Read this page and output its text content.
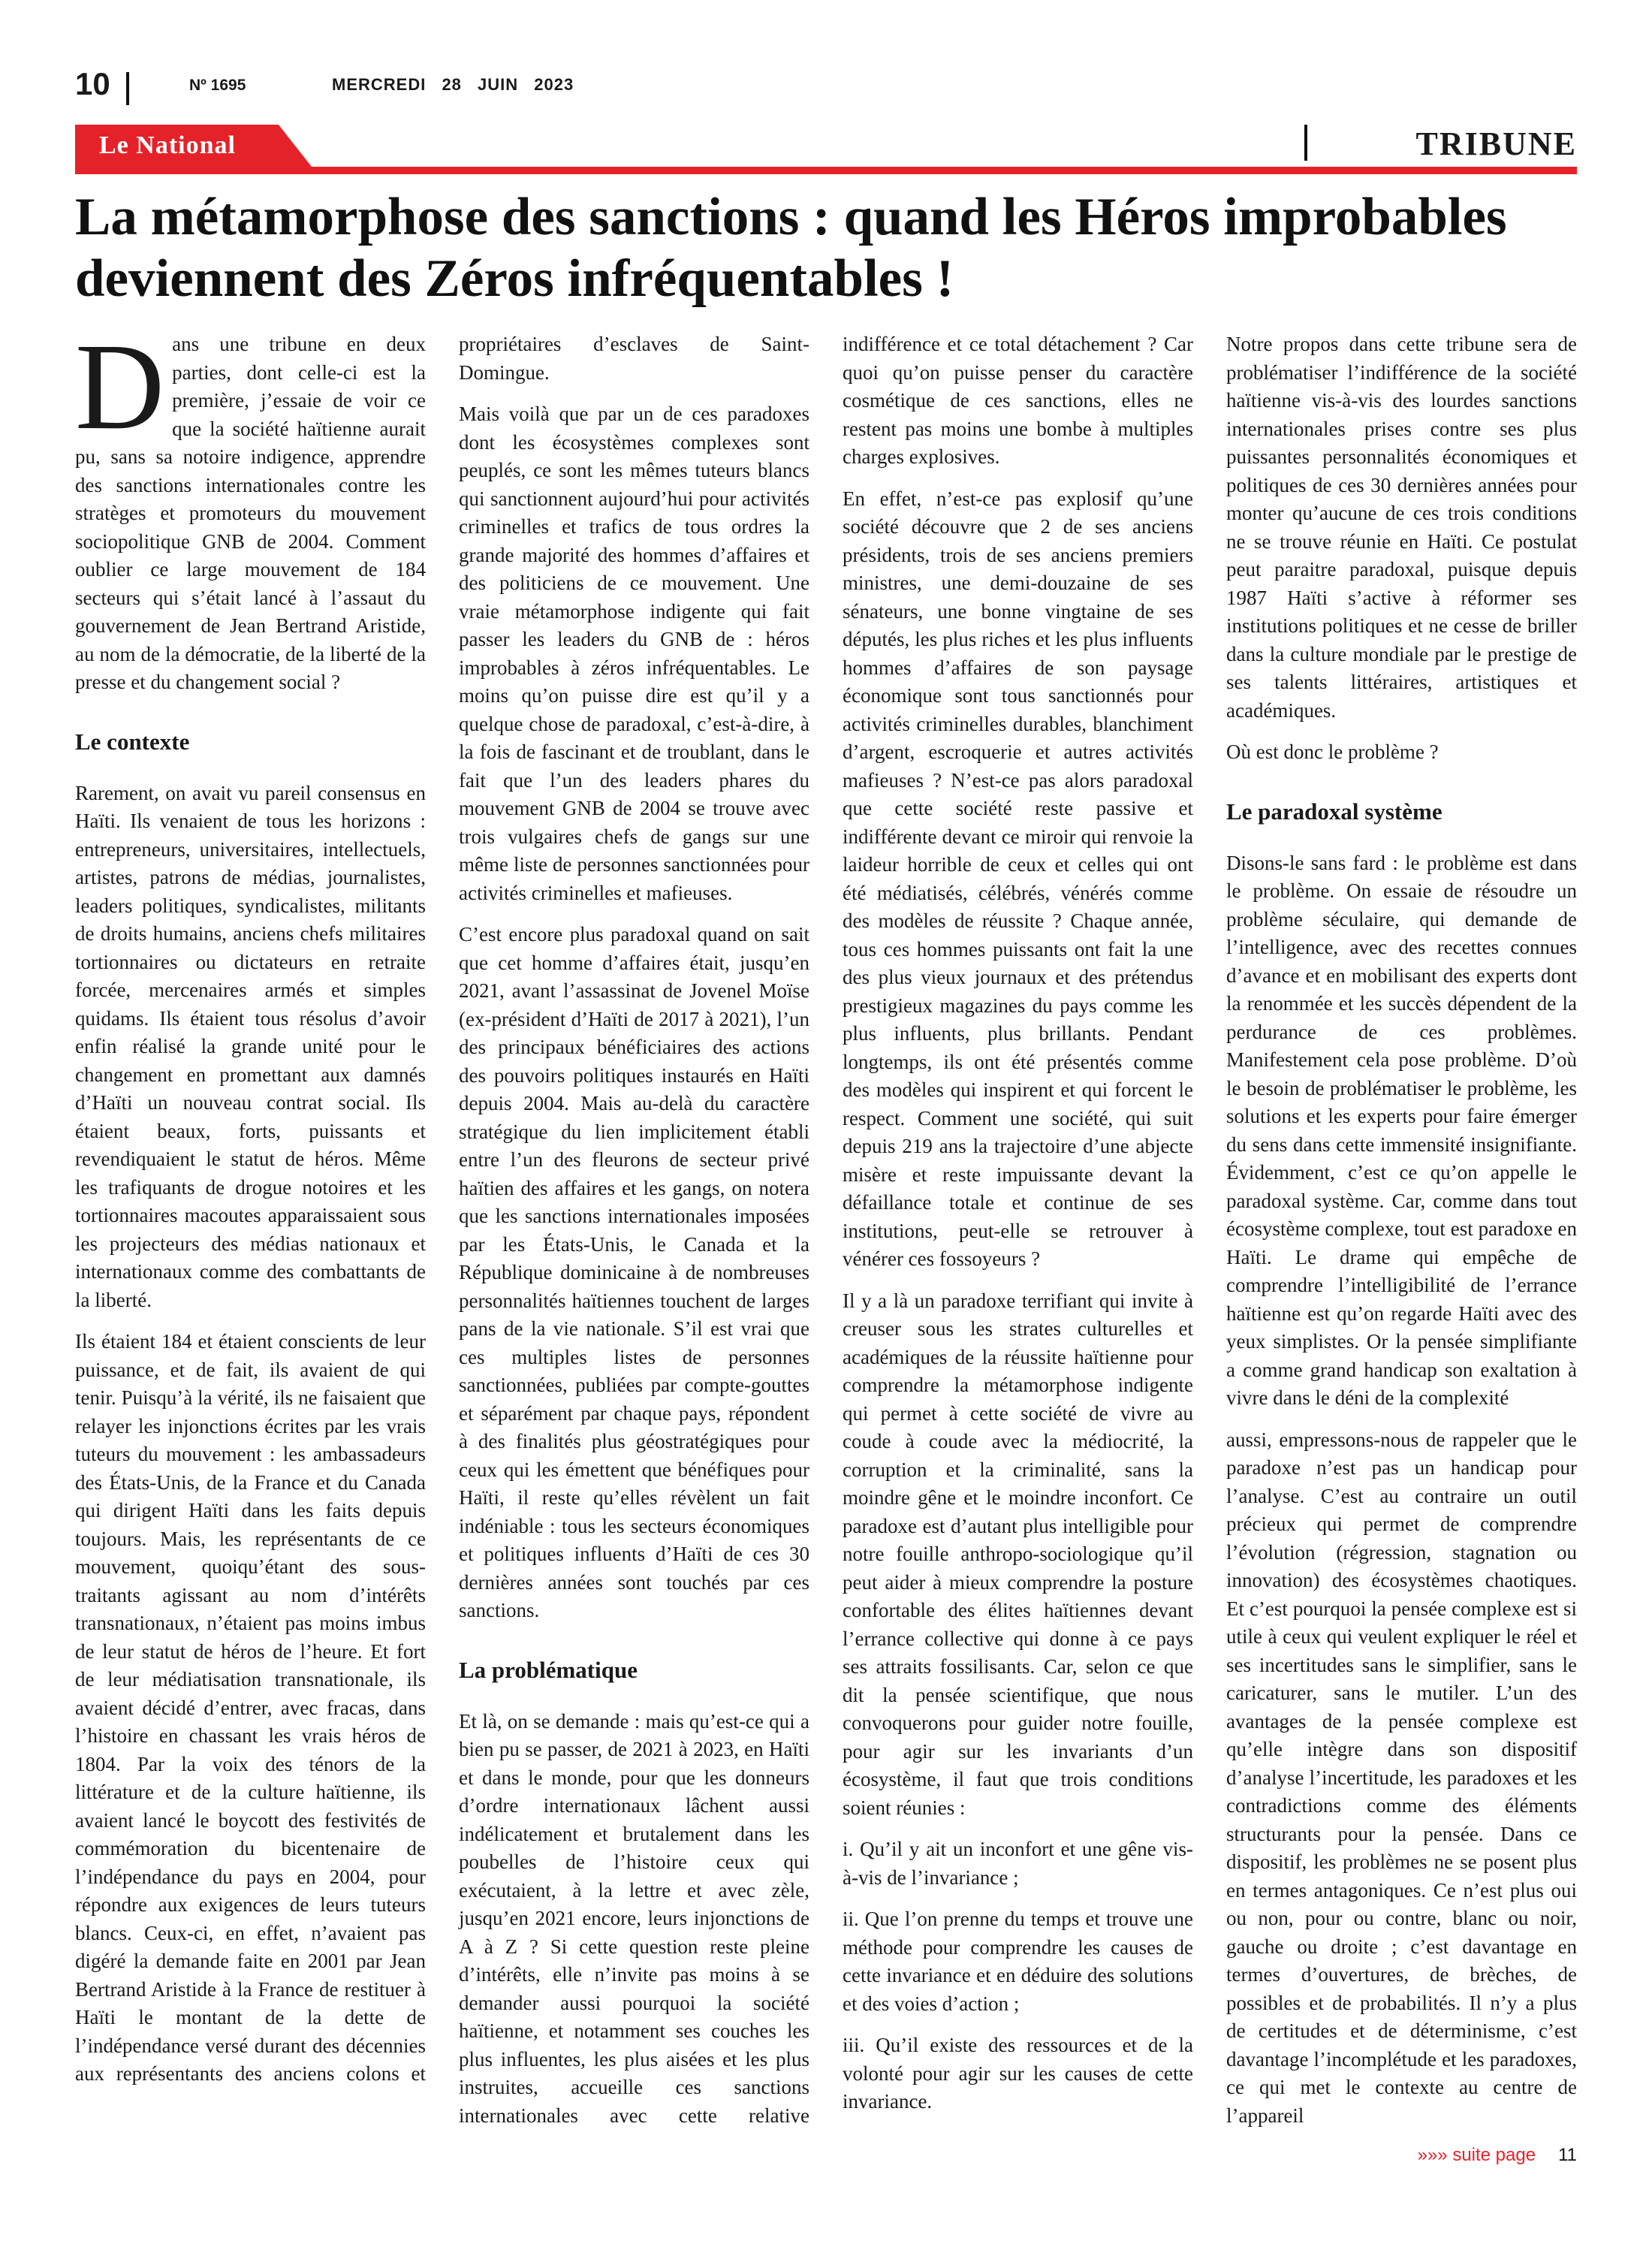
10	Nº 1695	MERCREDI 28 JUIN 2023
Le National	TRIBUNE
La métamorphose des sanctions : quand les Héros improbables deviennent des Zéros infréquentables !

Dans une tribune en deux parties, dont celle-ci est la première, j’essaie de voir ce que la société haïtienne aurait pu, sans sa notoire indigence, apprendre des sanctions internationales contre les stratèges et promoteurs du mouvement sociopolitique GNB de 2004. Comment oublier ce large mouvement de 184 secteurs qui s’était lancé à l’assaut du gouvernement de Jean Bertrand Aristide, au nom de la démocratie, de la liberté de la presse et du changement social ?

Le contexte

Rarement, on avait vu pareil consensus en Haïti. Ils venaient de tous les horizons : entrepreneurs, universitaires, intellectuels, artistes, patrons de médias, journalistes, leaders politiques, syndicalistes, militants de droits humains, anciens chefs militaires tortionnaires ou dictateurs en retraite forcée, mercenaires armés et simples quidams. Ils étaient tous résolus d’avoir enfin réalisé la grande unité pour le changement en promettant aux damnés d’Haïti un nouveau contrat social. Ils étaient beaux, forts, puissants et revendiquaient le statut de héros. Même les trafiquants de drogue notoires et les tortionnaires macoutes apparaissaient sous les projecteurs des médias nationaux et internationaux comme des combattants de la liberté.

Ils étaient 184 et étaient conscients de leur puissance, et de fait, ils avaient de qui tenir. Puisqu’à la vérité, ils ne faisaient que relayer les injonctions écrites par les vrais tuteurs du mouvement : les ambassadeurs des États-Unis, de la France et du Canada qui dirigent Haïti dans les faits depuis toujours. Mais, les représentants de ce mouvement, quoiqu’étant des sous-traitants agissant au nom d’intérêts transnationaux, n’étaient pas moins imbus de leur statut de héros de l’heure. Et fort de leur médiatisation transnationale, ils avaient décidé d’entrer, avec fracas, dans l’histoire en chassant les vrais héros de 1804. Par la voix des ténors de la littérature et de la culture haïtienne, ils avaient lancé le boycott des festivités de commémoration du bicentenaire de l’indépendance du pays en 2004, pour répondre aux exigences de leurs tuteurs blancs. Ceux-ci, en effet, n’avaient pas digéré la demande faite en 2001 par Jean Bertrand Aristide à la France de restituer à Haïti le montant de la dette de l’indépendance versé durant des décennies aux représentants des anciens colons et propriétaires d’esclaves de Saint-Domingue.

Mais voilà que par un de ces paradoxes dont les écosystèmes complexes sont peuplés, ce sont les mêmes tuteurs blancs qui sanctionnent aujourd’hui pour activités criminelles et trafics de tous ordres la grande majorité des hommes d’affaires et des politiciens de ce mouvement. Une vraie métamorphose indigente qui fait passer les leaders du GNB de : héros improbables à zéros infréquentables. Le moins qu’on puisse dire est qu’il y a quelque chose de paradoxal, c’est-à-dire, à la fois de fascinant et de troublant, dans le fait que l’un des leaders phares du mouvement GNB de 2004 se trouve avec trois vulgaires chefs de gangs sur une même liste de personnes sanctionnées pour activités criminelles et mafieuses.

C’est encore plus paradoxal quand on sait que cet homme d’affaires était, jusqu’en 2021, avant l’assassinat de Jovenel Moïse (ex-président d’Haïti de 2017 à 2021), l’un des principaux bénéficiaires des actions des pouvoirs politiques instaurés en Haïti depuis 2004. Mais au-delà du caractère stratégique du lien implicitement établi entre l’un des fleurons de secteur privé haïtien des affaires et les gangs, on notera que les sanctions internationales imposées par les États-Unis, le Canada et la République dominicaine à de nombreuses personnalités haïtiennes touchent de larges pans de la vie nationale. S’il est vrai que ces multiples listes de personnes sanctionnées, publiées par compte-gouttes et séparément par chaque pays, répondent à des finalités plus géostratégiques pour ceux qui les émettent que bénéfiques pour Haïti, il reste qu’elles révèlent un fait indéniable : tous les secteurs économiques et politiques influents d’Haïti de ces 30 dernières années sont touchés par ces sanctions.

La problématique

Et là, on se demande : mais qu’est-ce qui a bien pu se passer, de 2021 à 2023, en Haïti et dans le monde, pour que les donneurs d’ordre internationaux lâchent aussi indélicatement et brutalement dans les poubelles de l’histoire ceux qui exécutaient, à la lettre et avec zèle, jusqu’en 2021 encore, leurs injonctions de A à Z ? Si cette question reste pleine d’intérêts, elle n’invite pas moins à se demander aussi pourquoi la société haïtienne, et notamment ses couches les plus influentes, les plus aisées et les plus instruites, accueille ces sanctions internationales avec cette relative indifférence et ce total détachement ? Car quoi qu’on puisse penser du caractère cosmétique de ces sanctions, elles ne restent pas moins une bombe à multiples charges explosives.

En effet, n’est-ce pas explosif qu’une société découvre que 2 de ses anciens présidents, trois de ses anciens premiers ministres, une demi-douzaine de ses sénateurs, une bonne vingtaine de ses députés, les plus riches et les plus influents hommes d’affaires de son paysage économique sont tous sanctionnés pour activités criminelles durables, blanchiment d’argent, escroquerie et autres activités mafieuses ? N’est-ce pas alors paradoxal que cette société reste passive et indifférente devant ce miroir qui renvoie la laideur horrible de ceux et celles qui ont été médiatisés, célébrés, vénérés comme des modèles de réussite ? Chaque année, tous ces hommes puissants ont fait la une des plus vieux journaux et des prétendus prestigieux magazines du pays comme les plus influents, plus brillants. Pendant longtemps, ils ont été présentés comme des modèles qui inspirent et qui forcent le respect. Comment une société, qui suit depuis 219 ans la trajectoire d’une abjecte misère et reste impuissante devant la défaillance totale et continue de ses institutions, peut-elle se retrouver à vénérer ces fossoyeurs ?

Il y a là un paradoxe terrifiant qui invite à creuser sous les strates culturelles et académiques de la réussite haïtienne pour comprendre la métamorphose indigente qui permet à cette société de vivre au coude à coude avec la médiocrité, la corruption et la criminalité, sans la moindre gêne et le moindre inconfort. Ce paradoxe est d’autant plus intelligible pour notre fouille anthropo-sociologique qu’il peut aider à mieux comprendre la posture confortable des élites haïtiennes devant l’errance collective qui donne à ce pays ses attraits fossilisants. Car, selon ce que dit la pensée scientifique, que nous convoquerons pour guider notre fouille, pour agir sur les invariants d’un écosystème, il faut que trois conditions soient réunies :

i. Qu’il y ait un inconfort et une gêne vis-à-vis de l’invariance ;

ii. Que l’on prenne du temps et trouve une méthode pour comprendre les causes de cette invariance et en déduire des solutions et des voies d’action ;

iii. Qu’il existe des ressources et de la volonté pour agir sur les causes de cette invariance.

Notre propos dans cette tribune sera de problématiser l’indifférence de la société haïtienne vis-à-vis des lourdes sanctions internationales prises contre ses plus puissantes personnalités économiques et politiques de ces 30 dernières années pour monter qu’aucune de ces trois conditions ne se trouve réunie en Haïti. Ce postulat peut paraitre paradoxal, puisque depuis 1987 Haïti s’active à réformer ses institutions politiques et ne cesse de briller dans la culture mondiale par le prestige de ses talents littéraires, artistiques et académiques.

Où est donc le problème ?

Le paradoxal système

Disons-le sans fard : le problème est dans le problème. On essaie de résoudre un problème séculaire, qui demande de l’intelligence, avec des recettes connues d’avance et en mobilisant des experts dont la renommée et les succès dépendent de la perdurance de ces problèmes. Manifestement cela pose problème. D’où le besoin de problématiser le problème, les solutions et les experts pour faire émerger du sens dans cette immensité insignifiante. Évidemment, c’est ce qu’on appelle le paradoxal système. Car, comme dans tout écosystème complexe, tout est paradoxe en Haïti. Le drame qui empêche de comprendre l’intelligibilité de l’errance haïtienne est qu’on regarde Haïti avec des yeux simplistes. Or la pensée simplifiante a comme grand handicap son exaltation à vivre dans le déni de la complexité

aussi, empressons-nous de rappeler que le paradoxe n’est pas un handicap pour l’analyse. C’est au contraire un outil précieux qui permet de comprendre l’évolution (régression, stagnation ou innovation) des écosystèmes chaotiques. Et c’est pourquoi la pensée complexe est si utile à ceux qui veulent expliquer le réel et ses incertitudes sans le simplifier, sans le caricaturer, sans le mutiler. L’un des avantages de la pensée complexe est qu’elle intègre dans son dispositif d’analyse l’incertitude, les paradoxes et les contradictions comme des éléments structurants pour la pensée. Dans ce dispositif, les problèmes ne se posent plus en termes antagoniques. Ce n’est plus oui ou non, pour ou contre, blanc ou noir, gauche ou droite ; c’est davantage en termes d’ouvertures, de brèches, de possibles et de probabilités. Il n’y a plus de certitudes et de déterminisme, c’est davantage l’incomplétude et les paradoxes, ce qui met le contexte au centre de l’appareil

»»» suite page 11
